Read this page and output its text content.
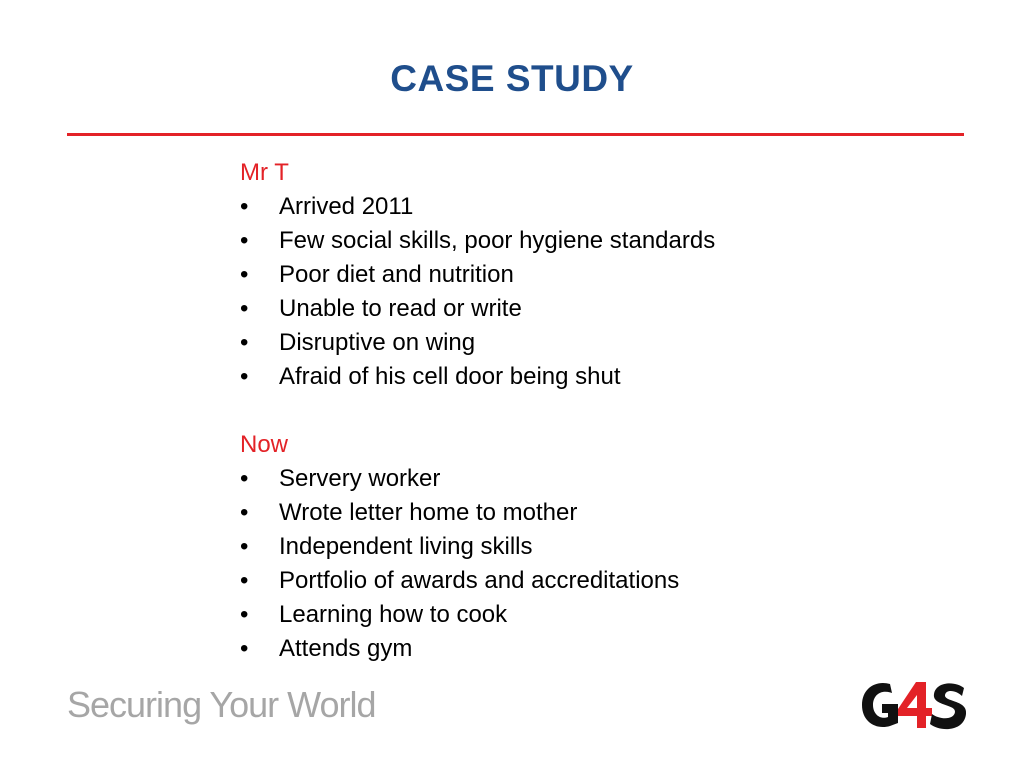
CASE STUDY
Mr T
• Arrived 2011
• Few social skills, poor hygiene standards
• Poor diet and nutrition
• Unable to read or write
• Disruptive on wing
• Afraid of his cell door being shut
Now
• Servery worker
• Wrote letter home to mother
• Independent living skills
• Portfolio of awards and accreditations
• Learning how to cook
• Attends gym
Securing Your World
